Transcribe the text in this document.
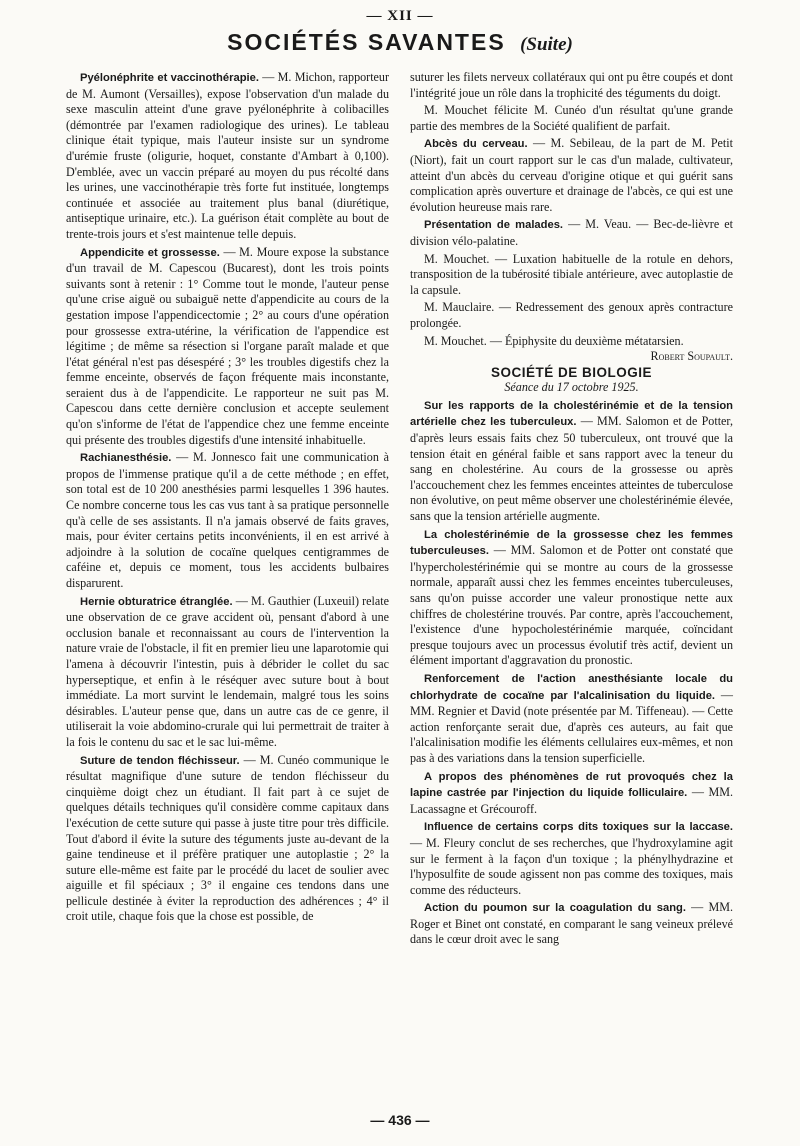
— XII —
SOCIÉTÉS SAVANTES (Suite)

Pyélonéphrite et vaccinothérapie. — M. Michon, rapporteur de M. Aumont (Versailles), expose l'observation d'un malade du sexe masculin atteint d'une grave pyélonéphrite à colibacilles (démontrée par l'examen radiologique des urines). Le tableau clinique était typique, mais l'auteur insiste sur un syndrome d'urémie fruste (oligurie, hoquet, constante d'Ambart à 0,100). D'emblée, avec un vaccin préparé au moyen du pus récolté dans les urines, une vaccinothérapie très forte fut instituée, longtemps continuée et associée au traitement plus banal (diurétique, antiseptique urinaire, etc.). La guérison était complète au bout de trente-trois jours et s'est maintenue telle depuis.

Appendicite et grossesse. — M. Moure expose la substance d'un travail de M. Capescou (Bucarest), dont les trois points suivants sont à retenir : 1° Comme tout le monde, l'auteur pense qu'une crise aiguë ou subaiguë nette d'appendicite au cours de la gestation impose l'appendicectomie ; 2° au cours d'une opération pour grossesse extra-utérine, la vérification de l'appendice est légitime ; de même sa résection si l'organe paraît malade et que l'état général n'est pas désespéré ; 3° les troubles digestifs chez la femme enceinte, observés de façon fréquente mais inconstante, seraient dus à de l'appendicite. Le rapporteur ne suit pas M. Capescou dans cette dernière conclusion et accepte seulement qu'on s'informe de l'état de l'appendice chez une femme enceinte qui présente des troubles digestifs d'une intensité inhabituelle.

Rachianesthésie. — M. Jonnesco fait une communication à propos de l'immense pratique qu'il a de cette méthode ; en effet, son total est de 10 200 anesthésies parmi lesquelles 1 396 hautes. Ce nombre concerne tous les cas vus tant à sa pratique personnelle qu'à celle de ses assistants. Il n'a jamais observé de faits graves, mais, pour éviter certains petits inconvénients, il en est arrivé à adjoindre à la solution de cocaïne quelques centigrammes de caféine et, depuis ce moment, tous les accidents bulbaires disparurent.

Hernie obturatrice étranglée. — M. Gauthier (Luxeuil) relate une observation de ce grave accident où, pensant d'abord à une occlusion banale et reconnaissant au cours de l'intervention la nature vraie de l'obstacle, il fit en premier lieu une laparotomie qui l'amena à découvrir l'intestin, puis à débrider le collet du sac hyperseptique, et enfin à le réséquer avec suture bout à bout immédiate. La mort survint le lendemain, malgré tous les soins désirables. L'auteur pense que, dans un autre cas de ce genre, il utiliserait la voie abdomino-crurale qui lui permettrait de traiter à la fois le contenu du sac et le sac lui-même.

Suture de tendon fléchisseur. — M. Cunéo communique le résultat magnifique d'une suture de tendon fléchisseur du cinquième doigt chez un étudiant. Il fait part à ce sujet de quelques détails techniques qu'il considère comme capitaux dans l'exécution de cette suture qui passe à juste titre pour très difficile. Tout d'abord il évite la suture des téguments juste au-devant de la gaine tendineuse et il préfère pratiquer une autoplastie ; 2° la suture elle-même est faite par le procédé du lacet de soulier avec aiguille et fil spéciaux ; 3° il engaine ces tendons dans une pellicule destinée à éviter la reproduction des adhérences ; 4° il croit utile, chaque fois que la chose est possible, de

suturer les filets nerveux collatéraux qui ont pu être coupés et dont l'intégrité joue un rôle dans la trophicité des téguments du doigt.

M. Mouchet félicite M. Cunéo d'un résultat qu'une grande partie des membres de la Société qualifient de parfait.

Abcès du cerveau. — M. Sebileau, de la part de M. Petit (Niort), fait un court rapport sur le cas d'un malade, cultivateur, atteint d'un abcès du cerveau d'origine otique et qui guérit sans complication après ouverture et drainage de l'abcès, ce qui est une évolution heureuse mais rare.

Présentation de malades. — M. Veau. — Bec-de-lièvre et division vélo-palatine.

M. Mouchet. — Luxation habituelle de la rotule en dehors, transposition de la tubérosité tibiale antérieure, avec autoplastie de la capsule.

M. Mauclaire. — Redressement des genoux après contracture prolongée.

M. Mouchet. — Épiphysite du deuxième métatarsien.

Robert Soupault.

SOCIÉTÉ DE BIOLOGIE

Séance du 17 octobre 1925.

Sur les rapports de la cholestérinémie et de la tension artérielle chez les tuberculeux. — MM. Salomon et de Potter, d'après leurs essais faits chez 50 tuberculeux, ont trouvé que la tension était en général faible et sans rapport avec la teneur du sang en cholestérine. Au cours de la grossesse ou après l'accouchement chez les femmes enceintes atteintes de tuberculose non évolutive, on peut même observer une cholestérinémie élevée, sans que la tension artérielle augmente.

La cholestérinémie de la grossesse chez les femmes tuberculeuses. — MM. Salomon et de Potter ont constaté que l'hypercholestérinémie qui se montre au cours de la grossesse normale, apparaît aussi chez les femmes enceintes tuberculeuses, sans qu'on puisse accorder une valeur pronostique nette aux chiffres de cholestérine trouvés. Par contre, après l'accouchement, l'existence d'une hypocholestérinémie marquée, coïncidant presque toujours avec un processus évolutif très actif, devient un élément important d'aggravation du pronostic.

Renforcement de l'action anesthésiante locale du chlorhydrate de cocaïne par l'alcalinisation du liquide. — MM. Regnier et David (note présentée par M. Tiffeneau). — Cette action renforçante serait due, d'après ces auteurs, au fait que l'alcalinisation modifie les éléments cellulaires eux-mêmes, et non pas à des variations dans la tension superficielle.

A propos des phénomènes de rut provoqués chez la lapine castrée par l'injection du liquide folliculaire. — MM. Lacassagne et Grécouroff.

Influence de certains corps dits toxiques sur la laccase. — M. Fleury conclut de ses recherches, que l'hydroxylamine agit sur le ferment à la façon d'un toxique ; la phénylhydrazine et l'hyposulfite de soude agissent non pas comme des toxiques, mais comme des réducteurs.

Action du poumon sur la coagulation du sang. — MM. Roger et Binet ont constaté, en comparant le sang veineux prélevé dans le cœur droit avec le sang

— 436 —
